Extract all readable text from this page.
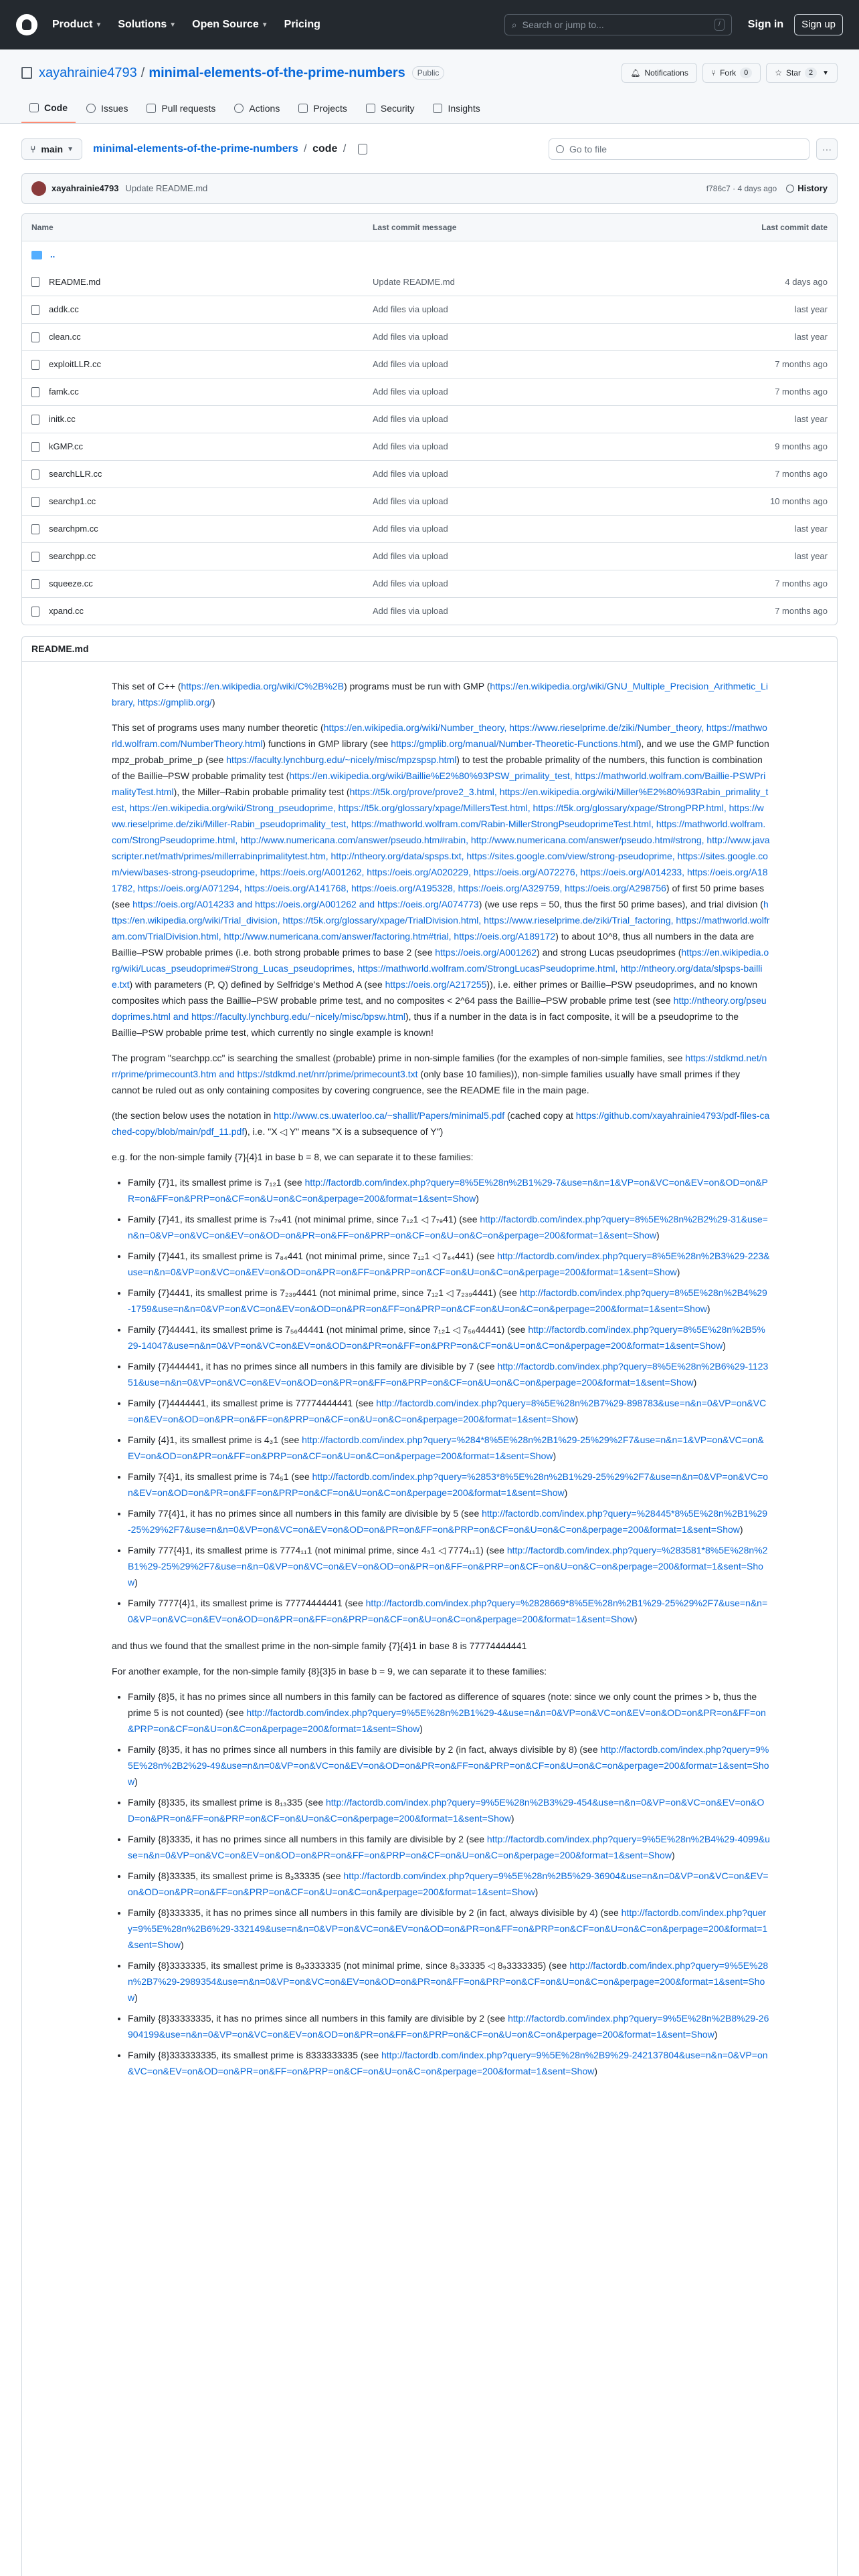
Product ▼ Solutions ▼ Open Source ▼ Pricing	⌕ Search or jump to...	/	Sign in	Sign up
xayahrainie4793 / minimal-elements-of-the-prime-numbers	Public	🔔︎ Notifications	⑂ Fork	0	☆ Star	2	▼
Code	Issues	Pull requests	Actions	Projects	Security	Insights
⑂ main ▼ minimal-elements-of-the-prime-numbers / code /	Go to file	···
xayahrainie4793 Update README.md	f786c7 · 4 days ago History
Name	Last commit message	Last commit date
..
README.md	Update README.md	4 days ago
addk.cc	Add files via upload	last year
clean.cc	Add files via upload	last year
exploitLLR.cc	Add files via upload	7 months ago
famk.cc	Add files via upload	7 months ago
initk.cc	Add files via upload	last year
kGMP.cc	Add files via upload	9 months ago
searchLLR.cc	Add files via upload	7 months ago
searchp1.cc	Add files via upload	10 months ago
searchpm.cc	Add files via upload	last year
searchpp.cc	Add files via upload	last year
squeeze.cc	Add files via upload	7 months ago
xpand.cc	Add files via upload	7 months ago
README.md

This set of C++ (https://en.wikipedia.org/wiki/C%2B%2B) programs must be run with GMP (https://en.wikipedia.org/wiki/GNU_Multiple_Precision_Arithmetic_Library, https://gmplib.org/)

This set of programs uses many number theoretic (https://en.wikipedia.org/wiki/Number_theory, https://www.rieselprime.de/ziki/Number_theory, https://mathworld.wolfram.com/NumberTheory.html) functions in GMP library (see https://gmplib.org/manual/Number-Theoretic-Functions.html), and we use the GMP function mpz_probab_prime_p (see https://faculty.lynchburg.edu/~nicely/misc/mpzspsp.html) to test the probable primality of the numbers, this function is combination of the Baillie–PSW probable primality test (https://en.wikipedia.org/wiki/Baillie%E2%80%93PSW_primality_test, https://mathworld.wolfram.com/Baillie-PSWPrimalityTest.html), the Miller–Rabin probable primality test (https://t5k.org/prove/prove2_3.html, https://en.wikipedia.org/wiki/Miller%E2%80%93Rabin_primality_test, https://en.wikipedia.org/wiki/Strong_pseudoprime, https://t5k.org/glossary/xpage/MillersTest.html, https://t5k.org/glossary/xpage/StrongPRP.html, https://www.rieselprime.de/ziki/Miller-Rabin_pseudoprimality_test, https://mathworld.wolfram.com/Rabin-MillerStrongPseudoprimeTest.html, https://mathworld.wolfram.com/StrongPseudoprime.html, http://www.numericana.com/answer/pseudo.htm#rabin, http://www.numericana.com/answer/pseudo.htm#strong, http://www.javascripter.net/math/primes/millerrabinprimalitytest.htm, http://ntheory.org/data/spsps.txt, https://sites.google.com/view/strong-pseudoprime, https://sites.google.com/view/bases-strong-pseudoprime, https://oeis.org/A001262, https://oeis.org/A020229, https://oeis.org/A072276, https://oeis.org/A014233, https://oeis.org/A181782, https://oeis.org/A071294, https://oeis.org/A141768, https://oeis.org/A195328, https://oeis.org/A329759, https://oeis.org/A298756) of first 50 prime bases (see https://oeis.org/A014233 and https://oeis.org/A001262 and https://oeis.org/A074773) (we use reps = 50, thus the first 50 prime bases), and trial division (https://en.wikipedia.org/wiki/Trial_division, https://t5k.org/glossary/xpage/TrialDivision.html, https://www.rieselprime.de/ziki/Trial_factoring, https://mathworld.wolfram.com/TrialDivision.html, http://www.numericana.com/answer/factoring.htm#trial, https://oeis.org/A189172) to about 10^8, thus all numbers in the data are Baillie–PSW probable primes (i.e. both strong probable primes to base 2 (see https://oeis.org/A001262) and strong Lucas pseudoprimes (https://en.wikipedia.org/wiki/Lucas_pseudoprime#Strong_Lucas_pseudoprimes, https://mathworld.wolfram.com/StrongLucasPseudoprime.html, http://ntheory.org/data/slpsps-baillie.txt) with parameters (P, Q) defined by Selfridge's Method A (see https://oeis.org/A217255)), i.e. either primes or Baillie–PSW pseudoprimes, and no known composites which pass the Baillie–PSW probable prime test, and no composites < 2^64 pass the Baillie–PSW probable prime test (see http://ntheory.org/pseudoprimes.html and https://faculty.lynchburg.edu/~nicely/misc/bpsw.html), thus if a number in the data is in fact composite, it will be a pseudoprime to the Baillie–PSW probable prime test, which currently no single example is known!

The program "searchpp.cc" is searching the smallest (probable) prime in non-simple families (for the examples of non-simple families, see https://stdkmd.net/nrr/prime/primecount3.htm and https://stdkmd.net/nrr/prime/primecount3.txt (only base 10 families)), non-simple families usually have small primes if they cannot be ruled out as only containing composites by covering congruence, see the README file in the main page.

(the section below uses the notation in http://www.cs.uwaterloo.ca/~shallit/Papers/minimal5.pdf (cached copy at https://github.com/xayahrainie4793/pdf-files-cached-copy/blob/main/pdf_11.pdf), i.e. "X ◁ Y" means "X is a subsequence of Y")

e.g. for the non-simple family {7}{4}1 in base b = 8, we can separate it to these families:

• Family {7}1, its smallest prime is 7₁₂1 (see http://factordb.com/index.php?query=8%5E%28n%2B1%29-7&use=n&n=1&VP=on&VC=on&EV=on&OD=on&PR=on&FF=on&PRP=on&CF=on&U=on&C=on&perpage=200&format=1&sent=Show)
• Family {7}41, its smallest prime is 7₇₉41 (not minimal prime, since 7₁₂1 ◁ 7₇₉41) (see http://factordb.com/index.php?query=8%5E%28n%2B2%29-31&use=n&n=0&VP=on&VC=on&EV=on&OD=on&PR=on&FF=on&PRP=on&CF=on&U=on&C=on&perpage=200&format=1&sent=Show)
• Family {7}441, its smallest prime is 7₈₄441 (not minimal prime, since 7₁₂1 ◁ 7₈₄441) (see http://factordb.com/index.php?query=8%5E%28n%2B3%29-223&use=n&n=0&VP=on&VC=on&EV=on&OD=on&PR=on&FF=on&PRP=on&CF=on&U=on&C=on&perpage=200&format=1&sent=Show)
• Family {7}4441, its smallest prime is 7₂₃₉4441 (not minimal prime, since 7₁₂1 ◁ 7₂₃₉4441) (see http://factordb.com/index.php?query=8%5E%28n%2B4%29-1759&use=n&n=0&VP=on&VC=on&EV=on&OD=on&PR=on&FF=on&PRP=on&CF=on&U=on&C=on&perpage=200&format=1&sent=Show)
• Family {7}44441, its smallest prime is 7₅₆44441 (not minimal prime, since 7₁₂1 ◁ 7₅₆44441) (see http://factordb.com/index.php?query=8%5E%28n%2B5%29-14047&use=n&n=0&VP=on&VC=on&EV=on&OD=on&PR=on&FF=on&PRP=on&CF=on&U=on&C=on&perpage=200&format=1&sent=Show)
• Family {7}444441, it has no primes since all numbers in this family are divisible by 7 (see http://factordb.com/index.php?query=8%5E%28n%2B6%29-112351&use=n&n=0&VP=on&VC=on&EV=on&OD=on&PR=on&FF=on&PRP=on&CF=on&U=on&C=on&perpage=200&format=1&sent=Show)
• Family {7}4444441, its smallest prime is 77774444441 (see http://factordb.com/index.php?query=8%5E%28n%2B7%29-898783&use=n&n=0&VP=on&VC=on&EV=on&OD=on&PR=on&FF=on&PRP=on&CF=on&U=on&C=on&perpage=200&format=1&sent=Show)
• Family {4}1, its smallest prime is 4₃1 (see http://factordb.com/index.php?query=%284*8%5E%28n%2B1%29-25%29%2F7&use=n&n=1&VP=on&VC=on&EV=on&OD=on&PR=on&FF=on&PRP=on&CF=on&U=on&C=on&perpage=200&format=1&sent=Show)
• Family 7{4}1, its smallest prime is 74₅1 (see http://factordb.com/index.php?query=%2853*8%5E%28n%2B1%29-25%29%2F7&use=n&n=0&VP=on&VC=on&EV=on&OD=on&PR=on&FF=on&PRP=on&CF=on&U=on&C=on&perpage=200&format=1&sent=Show)
• Family 77{4}1, it has no primes since all numbers in this family are divisible by 5 (see http://factordb.com/index.php?query=%28445*8%5E%28n%2B1%29-25%29%2F7&use=n&n=0&VP=on&VC=on&EV=on&OD=on&PR=on&FF=on&PRP=on&CF=on&U=on&C=on&perpage=200&format=1&sent=Show)
• Family 777{4}1, its smallest prime is 7774₁₁1 (not minimal prime, since 4₃1 ◁ 7774₁₁1) (see http://factordb.com/index.php?query=%283581*8%5E%28n%2B1%29-25%29%2F7&use=n&n=0&VP=on&VC=on&EV=on&OD=on&PR=on&FF=on&PRP=on&CF=on&U=on&C=on&perpage=200&format=1&sent=Show)
• Family 7777{4}1, its smallest prime is 77774444441 (see http://factordb.com/index.php?query=%2828669*8%5E%28n%2B1%29-25%29%2F7&use=n&n=0&VP=on&VC=on&EV=on&OD=on&PR=on&FF=on&PRP=on&CF=on&U=on&C=on&perpage=200&format=1&sent=Show)

and thus we found that the smallest prime in the non-simple family {7}{4}1 in base 8 is 77774444441

For another example, for the non-simple family {8}{3}5 in base b = 9, we can separate it to these families:

• Family {8}5, it has no primes since all numbers in this family can be factored as difference of squares (note: since we only count the primes > b, thus the prime 5 is not counted) (see http://factordb.com/index.php?query=9%5E%28n%2B1%29-4&use=n&n=0&VP=on&VC=on&EV=on&OD=on&PR=on&FF=on&PRP=on&CF=on&U=on&C=on&perpage=200&format=1&sent=Show)
• Family {8}35, it has no primes since all numbers in this family are divisible by 2 (in fact, always divisible by 8) (see http://factordb.com/index.php?query=9%5E%28n%2B2%29-49&use=n&n=0&VP=on&VC=on&EV=on&OD=on&PR=on&FF=on&PRP=on&CF=on&U=on&C=on&perpage=200&format=1&sent=Show)
• Family {8}335, its smallest prime is 8₁₃335 (see http://factordb.com/index.php?query=9%5E%28n%2B3%29-454&use=n&n=0&VP=on&VC=on&EV=on&OD=on&PR=on&FF=on&PRP=on&CF=on&U=on&C=on&perpage=200&format=1&sent=Show)
• Family {8}3335, it has no primes since all numbers in this family are divisible by 2 (see http://factordb.com/index.php?query=9%5E%28n%2B4%29-4099&use=n&n=0&VP=on&VC=on&EV=on&OD=on&PR=on&FF=on&PRP=on&CF=on&U=on&C=on&perpage=200&format=1&sent=Show)
• Family {8}33335, its smallest prime is 8₃33335 (see http://factordb.com/index.php?query=9%5E%28n%2B5%29-36904&use=n&n=0&VP=on&VC=on&EV=on&OD=on&PR=on&FF=on&PRP=on&CF=on&U=on&C=on&perpage=200&format=1&sent=Show)
• Family {8}333335, it has no primes since all numbers in this family are divisible by 2 (in fact, always divisible by 4) (see http://factordb.com/index.php?query=9%5E%28n%2B6%29-332149&use=n&n=0&VP=on&VC=on&EV=on&OD=on&PR=on&FF=on&PRP=on&CF=on&U=on&C=on&perpage=200&format=1&sent=Show)
• Family {8}3333335, its smallest prime is 8₉3333335 (not minimal prime, since 8₃33335 ◁ 8₉3333335) (see http://factordb.com/index.php?query=9%5E%28n%2B7%29-2989354&use=n&n=0&VP=on&VC=on&EV=on&OD=on&PR=on&FF=on&PRP=on&CF=on&U=on&C=on&perpage=200&format=1&sent=Show)
• Family {8}33333335, it has no primes since all numbers in this family are divisible by 2 (see http://factordb.com/index.php?query=9%5E%28n%2B8%29-26904199&use=n&n=0&VP=on&VC=on&EV=on&OD=on&PR=on&FF=on&PRP=on&CF=on&U=on&C=on&perpage=200&format=1&sent=Show)
• Family {8}333333335, its smallest prime is 8333333335 (see http://factordb.com/index.php?query=9%5E%28n%2B9%29-242137804&use=n&n=0&VP=on&VC=on&EV=on&OD=on&PR=on&FF=on&PRP=on&CF=on&U=on&C=on&perpage=200&format=1&sent=Show)
